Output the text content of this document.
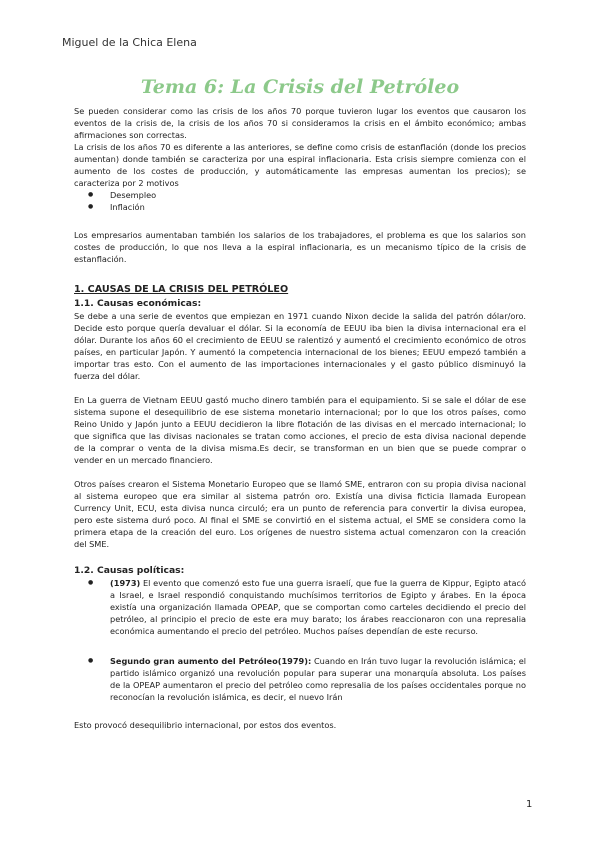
Miguel de la Chica Elena
Tema 6: La Crisis del Petróleo

Se pueden considerar como las crisis de los años 70 porque tuvieron lugar los eventos que causaron los eventos de la crisis de, la crisis de los años 70 si consideramos la crisis en el ámbito económico; ambas afirmaciones son correctas.

La crisis de los años 70 es diferente a las anteriores, se define como crisis de estanflación (donde los precios aumentan) donde también se caracteriza por una espiral inflacionaria. Esta crisis siempre comienza con el aumento de los costes de producción, y automáticamente las empresas aumentan los precios); se caracteriza por 2 motivos

● Desempleo
● Inflación

Los empresarios aumentaban también los salarios de los trabajadores, el problema es que los salarios son costes de producción, lo que nos lleva a la espiral inflacionaria, es un mecanismo típico de la crisis de estanflación.

1. CAUSAS DE LA CRISIS DEL PETRÓLEO
1.1. Causas económicas:

Se debe a una serie de eventos que empiezan en 1971 cuando Nixon decide la salida del patrón dólar/oro. Decide esto porque quería devaluar el dólar. Si la economía de EEUU iba bien la divisa internacional era el dólar. Durante los años 60 el crecimiento de EEUU se ralentizó y aumentó el crecimiento económico de otros países, en particular Japón. Y aumentó la competencia internacional de los bienes; EEUU empezó también a importar tras esto. Con el aumento de las importaciones internacionales y el gasto público disminuyó la fuerza del dólar.

En La guerra de Vietnam EEUU gastó mucho dinero también para el equipamiento. Si se sale el dólar de ese sistema supone el desequilibrio de ese sistema monetario internacional; por lo que los otros países, como Reino Unido y Japón junto a EEUU decidieron la libre flotación de las divisas en el mercado internacional; lo que significa que las divisas nacionales se tratan como acciones, el precio de esta divisa nacional depende de la comprar o venta de la divisa misma.Es decir, se transforman en un bien que se puede comprar o vender en un mercado financiero.

Otros países crearon el Sistema Monetario Europeo que se llamó SME, entraron con su propia divisa nacional al sistema europeo que era similar al sistema patrón oro. Existía una divisa ficticia llamada European Currency Unit, ECU, esta divisa nunca circuló; era un punto de referencia para convertir la divisa europea, pero este sistema duró poco. Al final el SME se convirtió en el sistema actual, el SME se considera como la primera etapa de la creación del euro. Los orígenes de nuestro sistema actual comenzaron con la creación del SME.

1.2. Causas políticas:
● (1973) El evento que comenzó esto fue una guerra israelí, que fue la guerra de Kippur, Egipto atacó a Israel, e Israel respondió conquistando muchísimos territorios de Egipto y árabes. En la época existía una organización llamada OPEAP, que se comportan como carteles decidiendo el precio del petróleo, al principio el precio de este era muy barato; los árabes reaccionaron con una represalia económica aumentando el precio del petróleo. Muchos países dependían de este recurso.
● Segundo gran aumento del Petróleo(1979): Cuando en Irán tuvo lugar la revolución islámica; el partido islámico organizó una revolución popular para superar una monarquía absoluta. Los países de la OPEAP aumentaron el precio del petróleo como represalia de los países occidentales porque no reconocían la revolución islámica, es decir, el nuevo Irán

Esto provocó desequilibrio internacional, por estos dos eventos.

1
